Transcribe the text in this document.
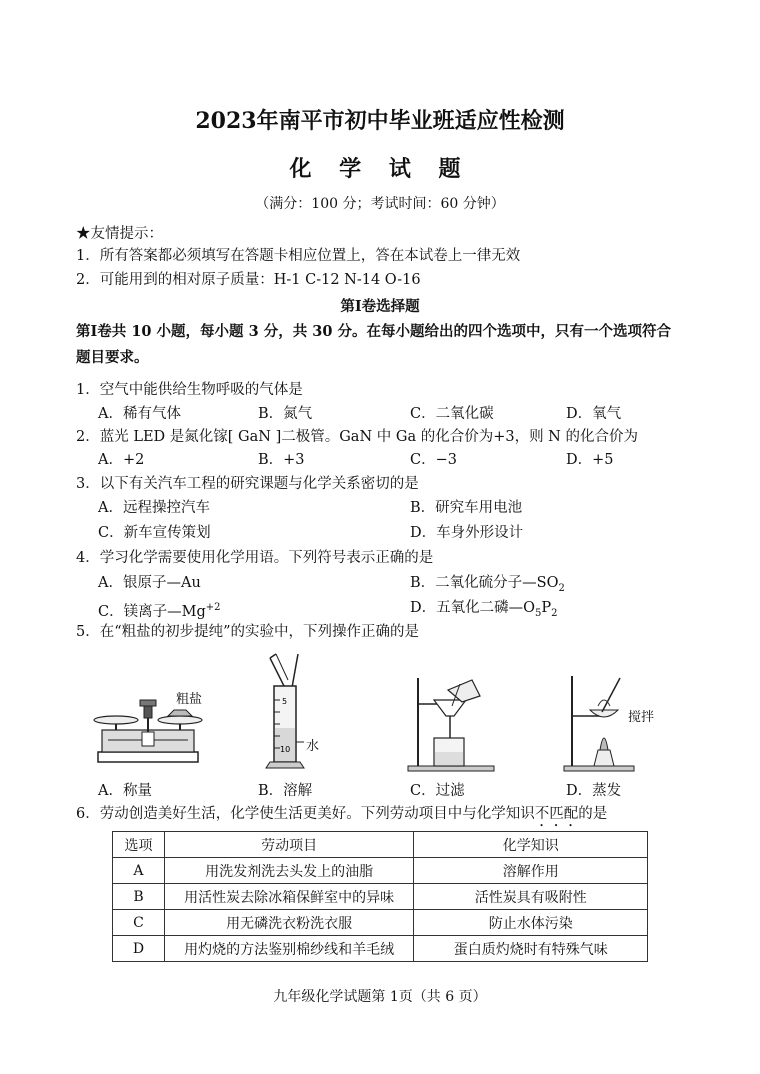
2023年南平市初中毕业班适应性检测
化 学 试 题
（满分：100 分；考试时间：60 分钟）
★友情提示：
1．所有答案都必须填写在答题卡相应位置上，答在本试卷上一律无效
2．可能用到的相对原子质量：H-1 C-12 N-14 O-16
第Ⅰ卷选择题
第Ⅰ卷共 10 小题，每小题 3 分，共 30 分。在每小题给出的四个选项中，只有一个选项符合
题目要求。
1．空气中能供给生物呼吸的气体是
A．稀有气体	B．氮气	C．二氧化碳	D．氧气
2．蓝光 LED 是氮化镓[ GaN ]二极管。GaN 中 Ga 的化合价为+3，则 N 的化合价为
A．+2	B．+3	C．−3	D．+5
3．以下有关汽车工程的研究课题与化学关系密切的是
A．远程操控汽车	B．研究车用电池
C．新车宣传策划	D．车身外形设计
4．学习化学需要使用化学用语。下列符号表示正确的是
A．银原子—Au	B．二氧化硫分子$—SO_2$
C．镁离子$—Mg^{+2}$	D．五氧化二磷$—O_5P_2$
5．在“粗盐的初步提纯”的实验中，下列操作正确的是
粗盐	5
10 水
搅拌
A．称量	B．溶解	C．过滤	D．蒸发
6．劳动创造美好生活，化学使生活更美好。下列劳动项目中与化学知识不匹配的是
选项	劳动项目	化学知识
A	用洗发剂洗去头发上的油脂	溶解作用
B	用活性炭去除冰箱保鲜室中的异味	活性炭具有吸附性
C	用无磷洗衣粉洗衣服	防止水体污染
D	用灼烧的方法鉴别棉纱线和羊毛绒	蛋白质灼烧时有特殊气味
九年级化学试题第 1页（共 6 页）
